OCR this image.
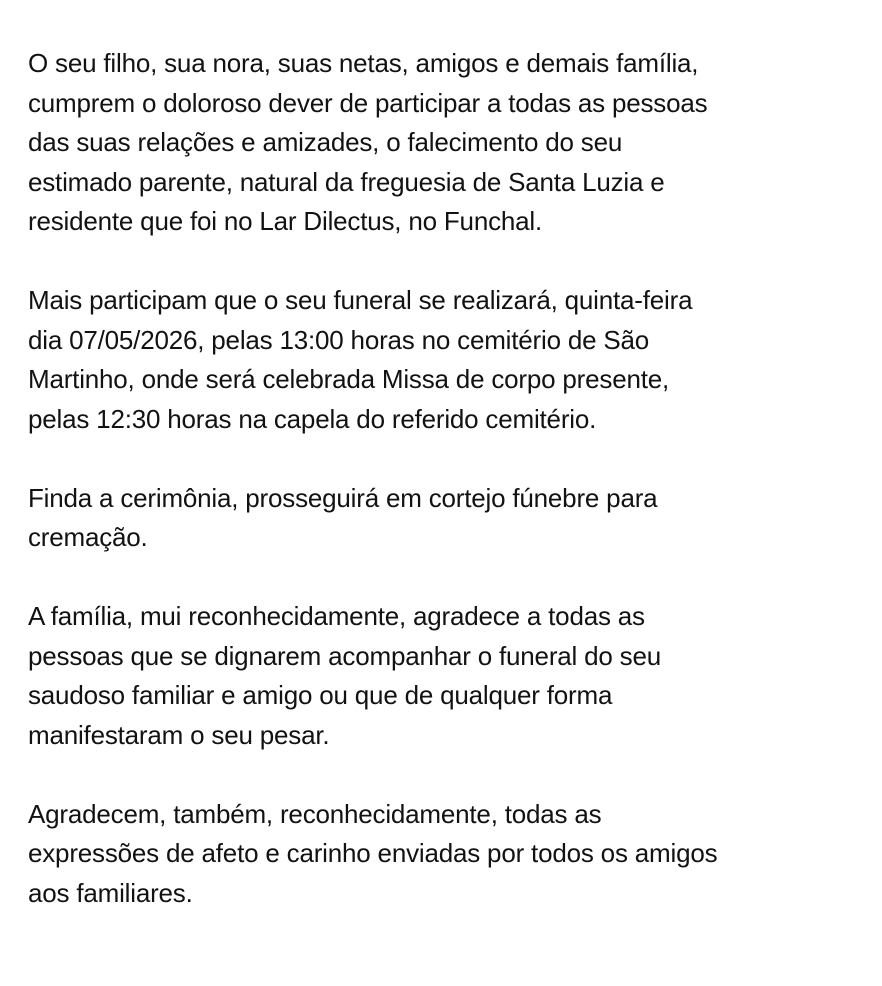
O seu filho, sua nora, suas netas, amigos e demais família,
cumprem o doloroso dever de participar a todas as pessoas
das suas relações e amizades, o falecimento do seu
estimado parente, natural da freguesia de Santa Luzia e
residente que foi no Lar Dilectus, no Funchal.

Mais participam que o seu funeral se realizará, quinta-feira
dia 07/05/2026, pelas 13:00 horas no cemitério de São
Martinho, onde será celebrada Missa de corpo presente,
pelas 12:30 horas na capela do referido cemitério.

Finda a cerimônia, prosseguirá em cortejo fúnebre para
cremação.

A família, mui reconhecidamente, agradece a todas as
pessoas que se dignarem acompanhar o funeral do seu
saudoso familiar e amigo ou que de qualquer forma
manifestaram o seu pesar.

Agradecem, também, reconhecidamente, todas as
expressões de afeto e carinho enviadas por todos os amigos
aos familiares.
